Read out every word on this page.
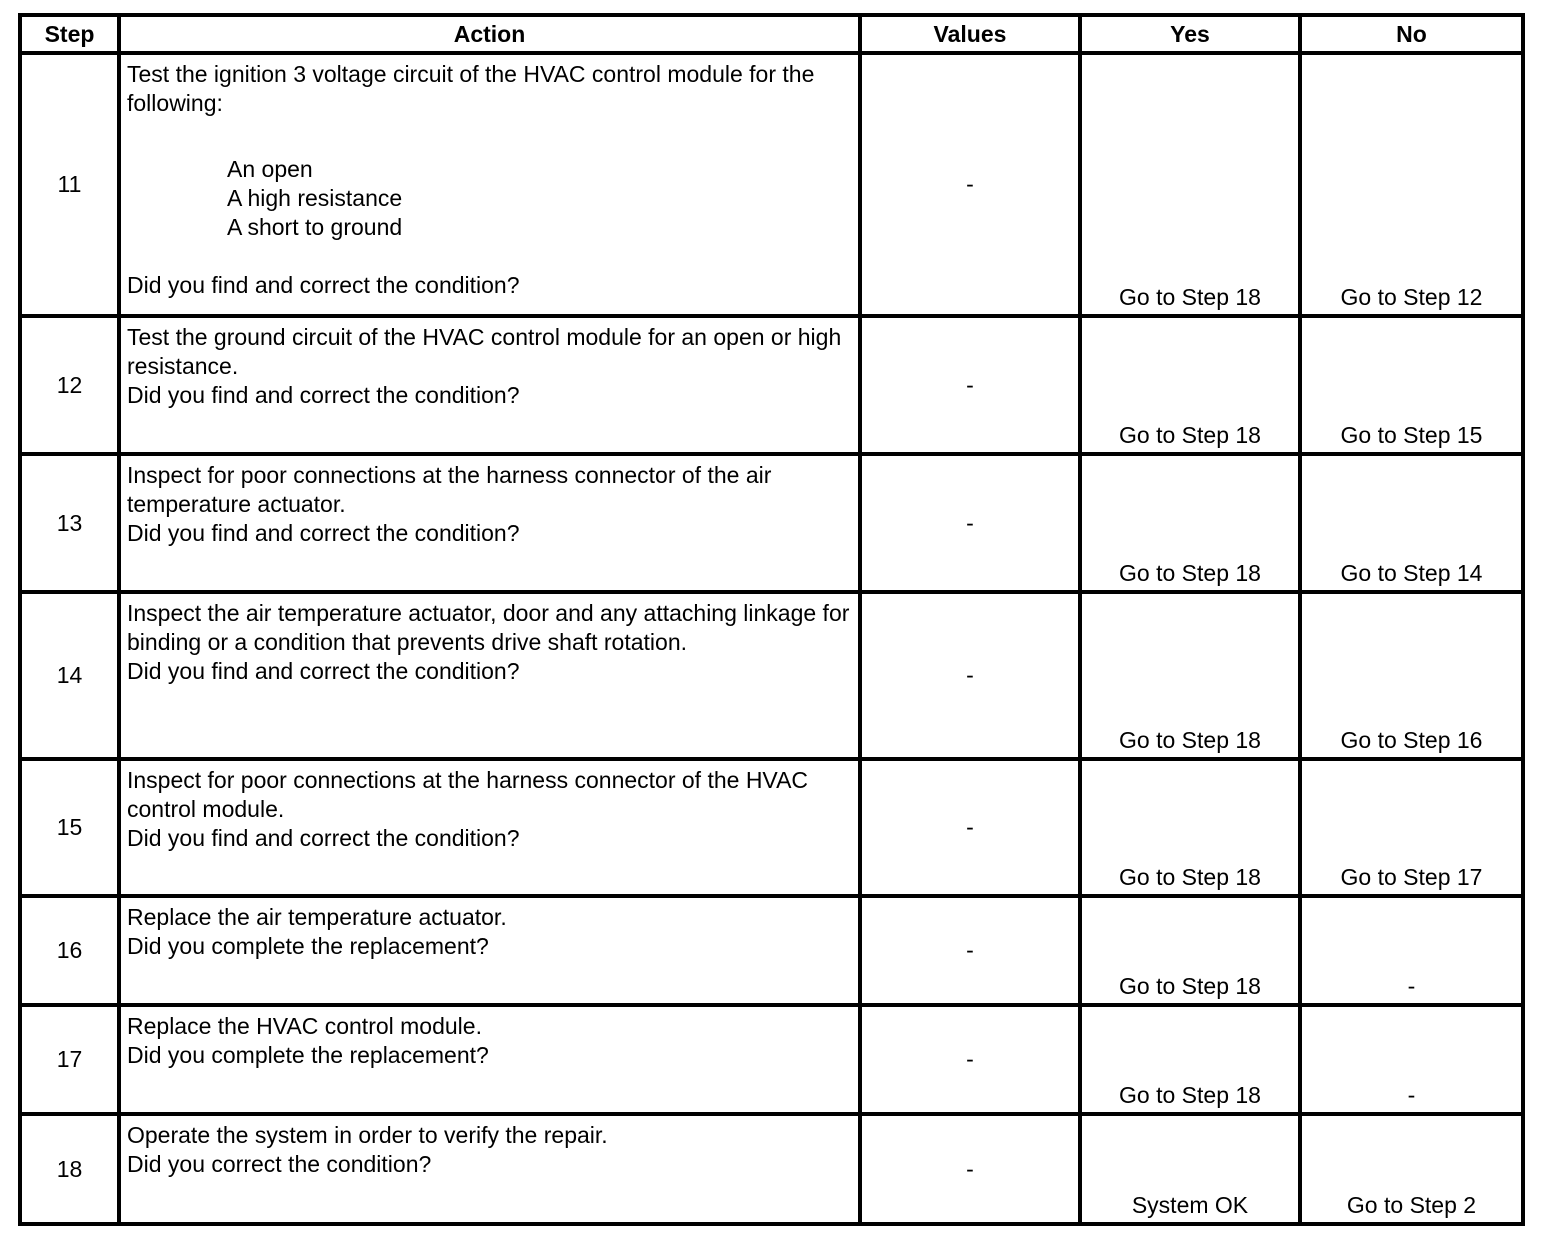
Step	Action	Values	Yes	No
11	Test the ignition 3 voltage circuit of the HVAC control module for the following:
An open
A high resistance
A short to ground
Did you find and correct the condition?	-	Go to Step 18	Go to Step 12

12	Test the ground circuit of the HVAC control module for an open or high resistance.
Did you find and correct the condition?	-	Go to Step 18	Go to Step 15

13	Inspect for poor connections at the harness connector of the air temperature actuator.
Did you find and correct the condition?	-	Go to Step 18	Go to Step 14

14	Inspect the air temperature actuator, door and any attaching linkage for binding or a condition that prevents drive shaft rotation.
Did you find and correct the condition?	-	Go to Step 18	Go to Step 16

15	Inspect for poor connections at the harness connector of the HVAC control module.
Did you find and correct the condition?	-	Go to Step 18	Go to Step 17

16	Replace the air temperature actuator.
Did you complete the replacement?	-	Go to Step 18	-

17	Replace the HVAC control module.
Did you complete the replacement?	-	Go to Step 18	-

18	Operate the system in order to verify the repair.
Did you correct the condition?	-	System OK	Go to Step 2
